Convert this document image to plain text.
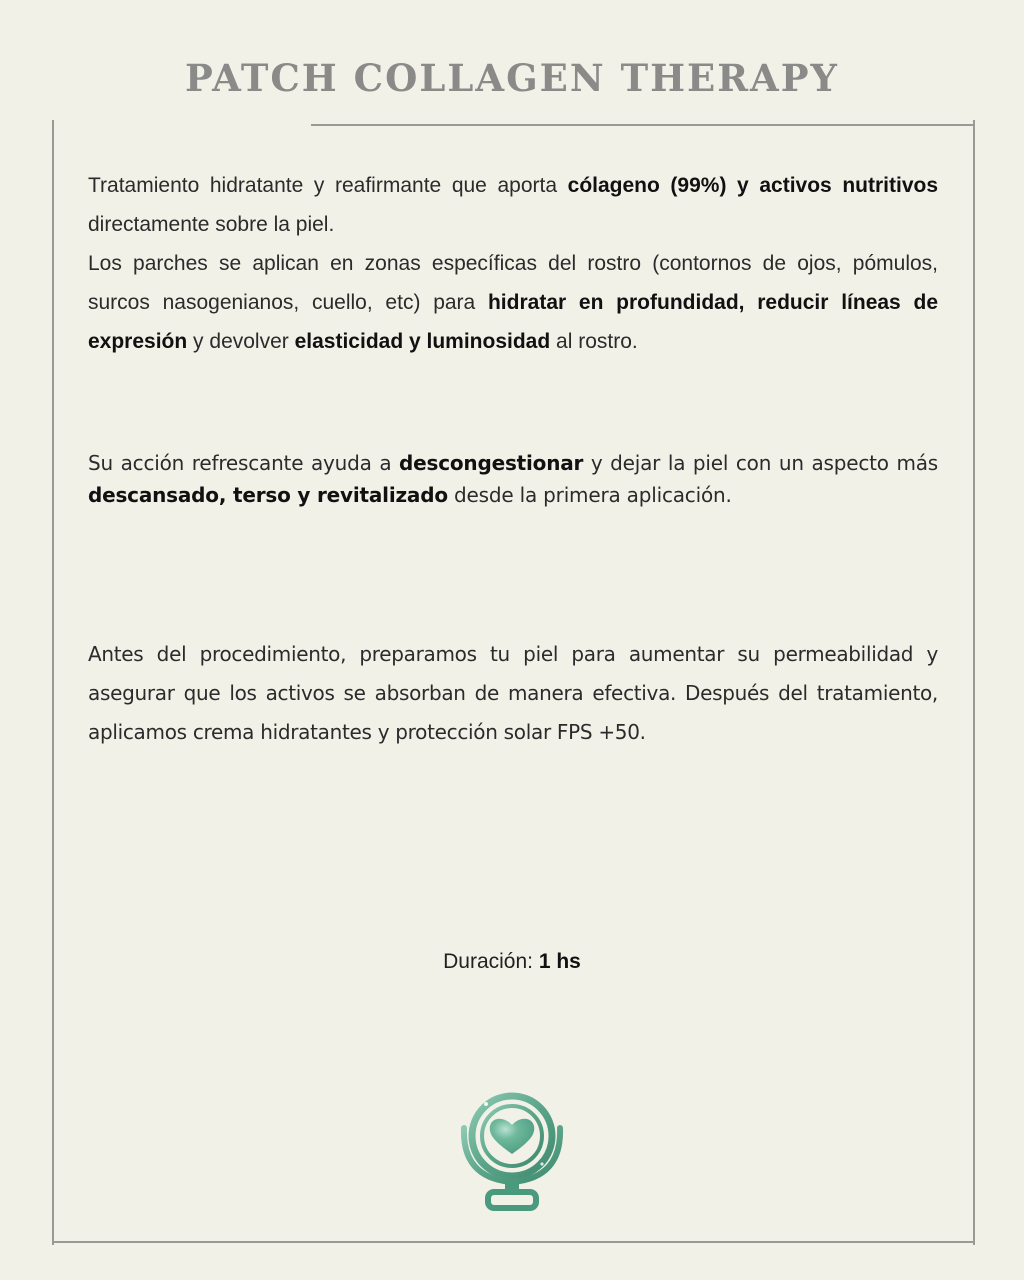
PATCH COLLAGEN THERAPY

Tratamiento hidratante y reafirmante que aporta cólageno (99%) y activos nutritivos directamente sobre la piel.
Los parches se aplican en zonas específicas del rostro (contornos de ojos, pómulos, surcos nasogenianos, cuello, etc) para hidratar en profundidad, reducir líneas de expresión y devolver elasticidad y luminosidad al rostro.

Su acción refrescante ayuda a descongestionar y dejar la piel con un aspecto más descansado, terso y revitalizado desde la primera aplicación.

Antes del procedimiento, preparamos tu piel para aumentar su permeabilidad y asegurar que los activos se absorban de manera efectiva. Después del tratamiento, aplicamos crema hidratantes y protección solar FPS +50.

Duración: 1 hs
